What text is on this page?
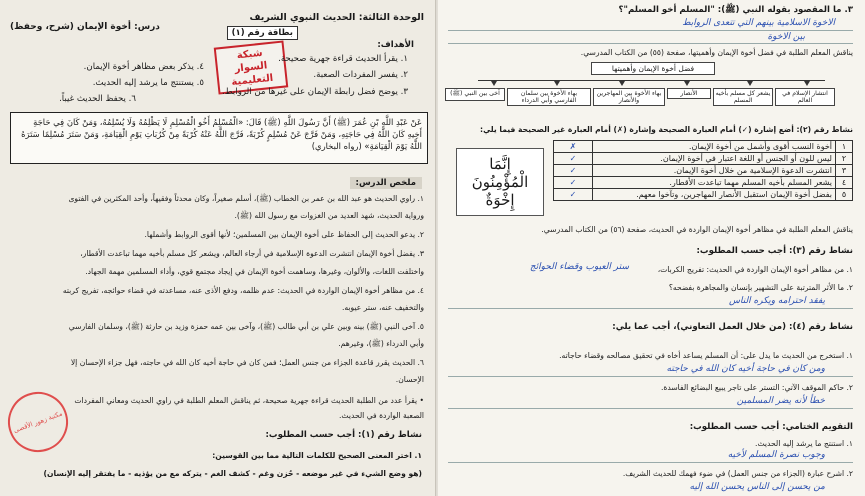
الوحدة الثالثة: الحديث النبوي الشريف
درس: أخوة الإيمان (شرح، وحفظ)
بطاقة رقم (١)
شبكة السوار التعليمية
الأهداف:
١. يقرأ الحديث قراءة جهرية صحيحة.
٤. يذكر بعض مظاهر أخوة الإيمان.
٢. يفسر المفردات الصعبة.
٥. يستنتج ما يرشد إليه الحديث.
٣. يوضح فضل رابطة الإيمان على غيرها من الروابط.
٦. يحفظ الحديث غيباً.
عَنْ عَبْدِ اللَّهِ بْنِ عُمَرَ (ﷺ) أَنَّ رَسُولَ اللَّهِ (ﷺ) قَالَ: «الْمُسْلِمُ أَخُو الْمُسْلِمِ لَا يَظْلِمُهُ وَلَا يُسْلِمُهُ، وَمَنْ كَانَ فِي حَاجَةِ أَخِيهِ كَانَ اللَّهُ فِي حَاجَتِهِ، وَمَنْ فَرَّجَ عَنْ مُسْلِمٍ كُرْبَةً، فَرَّجَ اللَّهُ عَنْهُ كُرْبَةً مِنْ كُرُبَاتِ يَوْمِ الْقِيَامَةِ، وَمَنْ سَتَرَ مُسْلِمًا سَتَرَهُ اللَّهُ يَوْمَ الْقِيَامَةِ» (رواه البخاري)
ملخص الدرس:
١. راوي الحديث هو عبد الله بن عمر بن الخطاب (ﷺ)، أسلم صغيراً، وكان محدثاً وفقيهاً، وأحد المكثرين في الفتوى
ورواية الحديث، شهد العديد من الغزوات مع رسول الله (ﷺ).
٢. يدعو الحديث إلى الحفاظ على أخوة الإيمان بين المسلمين؛ لأنها أقوى الروابط وأشملها.
٣. يفضل أخوة الإيمان انتشرت الدعوة الإسلامية في أرجاء العالم، ويشعر كل مسلم بأخيه مهما تباعدت الأقطار،
واختلفت اللغات، والألوان، وغيرها، وساهمت أخوة الإيمان في إيجاد مجتمع قوي، وأداء المسلمين مهمة الجهاد.
٤. من مظاهر أخوة الإيمان الواردة في الحديث: عدم ظلمه، ودفع الأذى عنه، مساعدته في قضاء حوائجه، تفريج كربته
والتخفيف عنه، ستر عيوبه.
٥. آخى النبي (ﷺ) بينه وبين علي بن أبي طالب (ﷺ)، وآخى بين عمه حمزة وزيد بن حارثة (ﷺ)، وسلمان الفارسي
وأبي الدرداء (ﷺ)، وغيرهم.
٦. الحديث يقرر قاعدة الجزاء من جنس العمل؛ فمن كان في حاجة أخيه كان الله في حاجته، فهل جزاء الإحسان إلا
الإحسان.
• يقرأ عدد من الطلبة الحديث قراءة جهرية صحيحة، ثم يناقش المعلم الطلبة في راوي الحديث ومعاني المفردات
الصعبة الواردة في الحديث.
نشاط رقم (١): أجب حسب المطلوب:
١. اختر المعنى الصحيح للكلمات التالية مما بين القوسين:
(هو وضع الشيء في غير موضعه - حُزن وغم - كشف الغم - يتركه مع من يؤذيه - ما يفتقر إليه الإنسان)
مكتبة زهور الأقصى
٣. ما المقصود بقوله النبي (ﷺ): "المسلم أخو المسلم"؟
الاخوة الاسلامية بينهم التي تتعدى الروابط
بين الاخوة
يناقش المعلم الطلبة في فضل أخوة الإيمان وأهميتها، صفحة (٥٥) من الكتاب المدرسي.
فضل أخوة الإيمان وأهميتها
انتشار الإسلام في العالم
يشعر كل مسلم بأخيه المسلم
الأنصار
بهاء الأخوة بين المهاجرين والأنصار
بهاء الأخوة بين سلمان الفارسي وأبي الدرداء
آخى بين النبي (ﷺ)
نشاط رقم (٢): أضع إشارة (✓) أمام العبارة الصحيحة وإشارة (✗) أمام العبارة غير الصحيحة فيما يلي:
١	أخوة النسب أقوى وأشمل من أخوة الإيمان.	✗
٢	ليس للون أو الجنس أو اللغة اعتبار في أخوة الإيمان.	✓
٣	انتشرت الدعوة الإسلامية من خلال أخوة الإيمان.	✓
٤	يشعر المسلم بأخيه المسلم مهما تباعدت الأقطار.	✓
٥	بفضل أخوة الإيمان استقبل الأنصار المهاجرين، وتآخوا معهم.	✓
إِنَّمَا الْمُؤْمِنُونَ إِخْوَةٌ
يناقش المعلم الطلبة في مظاهر أخوة الإيمان الواردة في الحديث، صفحة (٥٦) من الكتاب المدرسي.
نشاط رقم (٣): أجب حسب المطلوب:
١. من مظاهر أخوة الإيمان الواردة في الحديث: تفريج الكربات،
ستر العيوب وقضاء الحوائج
٢. ما الأثر المترتبة على التشهير بإنسان والمجاهرة بفضحه؟
يفقد احترامه ويكره الناس
نشاط رقم (٤): (من خلال العمل التعاوني)، أجب عما يلي:
١. استخرج من الحديث ما يدل على: أن المسلم يساعد أخاه في تحقيق مصالحه وقضاء حاجاته.
ومن كان في حاجة أخيه كان الله في حاجته
٢. حاكم الموقف الآتي: التستر على تاجر يبيع البضائع الفاسدة.
خطأ لأنه يضر المسلمين
التقويم الختامي: أجب حسب المطلوب:
١. استنتج ما يرشد إليه الحديث.
وجوب نصرة المسلم لأخيه
٢. اشرح عبارة (الجزاء من جنس العمل) في ضوء فهمك للحديث الشريف.
من يحسن إلى الناس يحسن الله إليه
